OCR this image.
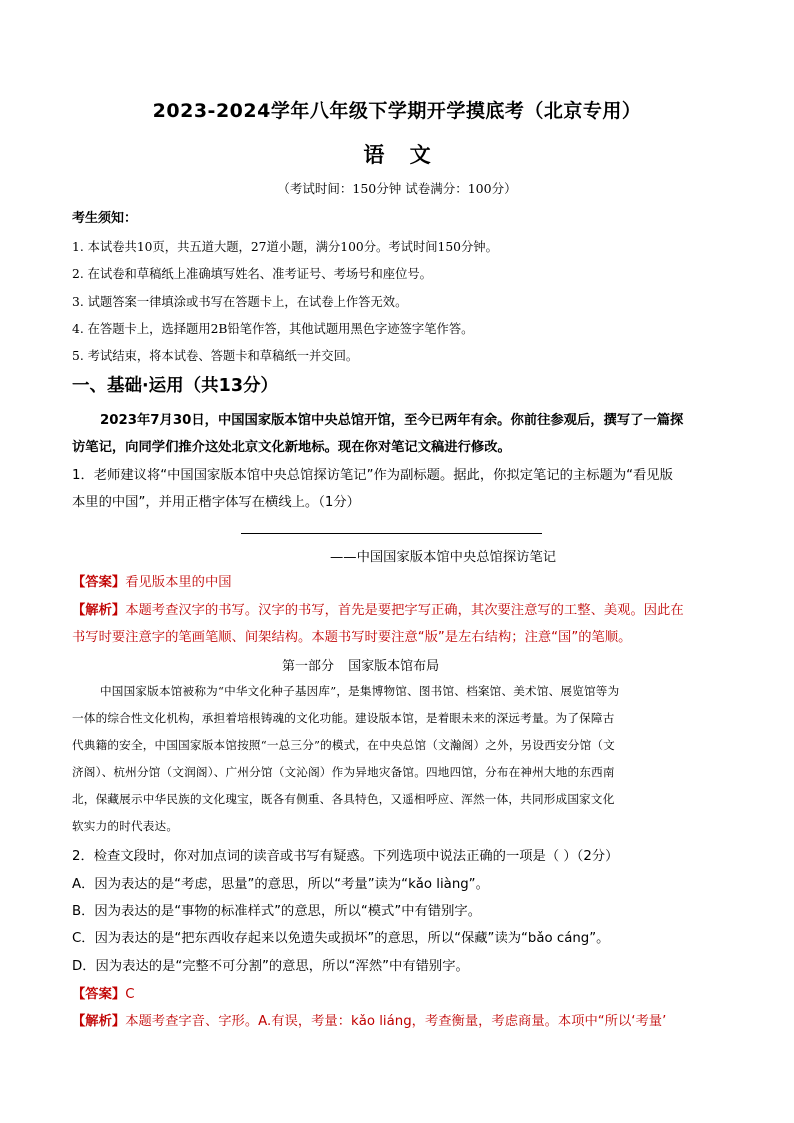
2023-2024学年八年级下学期开学摸底考（北京专用）
语 文
（考试时间：150分钟 试卷满分：100分）
考生须知：
1. 本试卷共10页，共五道大题，27道小题，满分100分。考试时间150分钟。
2. 在试卷和草稿纸上准确填写姓名、准考证号、考场号和座位号。
3. 试题答案一律填涂或书写在答题卡上，在试卷上作答无效。
4. 在答题卡上，选择题用2B铅笔作答，其他试题用黑色字迹签字笔作答。
5. 考试结束，将本试卷、答题卡和草稿纸一并交回。
一、基础·运用（共13分）
2023年7月30日，中国国家版本馆中央总馆开馆，至今已两年有余。你前往参观后，撰写了一篇探
访笔记，向同学们推介这处北京文化新地标。现在你对笔记文稿进行修改。
1．老师建议将“中国国家版本馆中央总馆探访笔记”作为副标题。据此，你拟定笔记的主标题为“看见版
本里的中国”，并用正楷字体写在横线上。（1分）
——中国国家版本馆中央总馆探访笔记
【答案】看见版本里的中国
【解析】本题考查汉字的书写。汉字的书写，首先是要把字写正确，其次要注意写的工整、美观。因此在
书写时要注意字的笔画笔顺、间架结构。本题书写时要注意“版”是左右结构；注意“国”的笔顺。
第一部分 国家版本馆布局
中国国家版本馆被称为“中华文化种子基因库”，是集博物馆、图书馆、档案馆、美术馆、展览馆等为
一体的综合性文化机构，承担着培根铸魂的文化功能。建设版本馆，是着眼未来的深远考量。为了保障古
代典籍的安全，中国国家版本馆按照“一总三分”的模式，在中央总馆（文瀚阁）之外，另设西安分馆（文
济阁）、杭州分馆（文润阁）、广州分馆（文沁阁）作为异地灾备馆。四地四馆，分布在神州大地的东西南
北，保藏展示中华民族的文化瑰宝，既各有侧重、各具特色，又遥相呼应、浑然一体，共同形成国家文化
软实力的时代表达。
2．检查文段时，你对加点词的读音或书写有疑惑。下列选项中说法正确的一项是（ ）（2分）
A．因为表达的是“考虑，思量”的意思，所以“考量”读为“kǎo liàng”。
B．因为表达的是“事物的标准样式”的意思，所以“模式”中有错别字。
C．因为表达的是“把东西收存起来以免遗失或损坏”的意思，所以“保藏”读为“bǎo cáng”。
D．因为表达的是“完整不可分割”的意思，所以“浑然”中有错别字。
【答案】C
【解析】本题考查字音、字形。A.有误，考量：kǎo liáng，考查衡量，考虑商量。本项中“所以‘考量’
